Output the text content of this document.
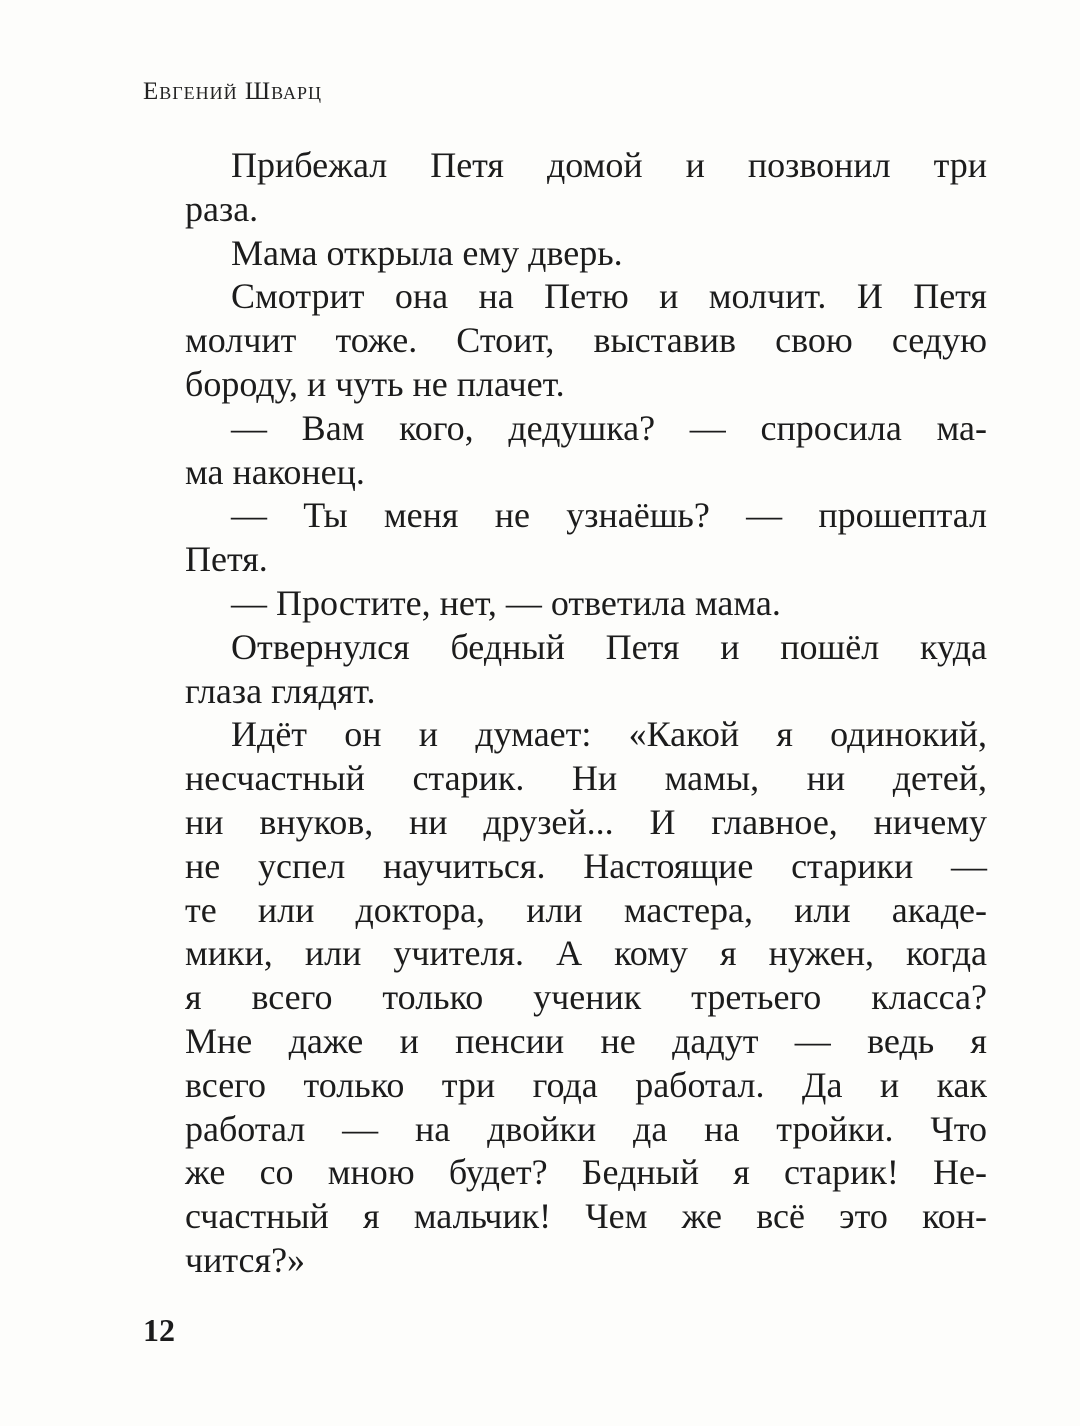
Евгений Шварц
Прибежал Петя домой и позвонил три
раза.
Мама открыла ему дверь.
Смотрит она на Петю и молчит. И Петя
молчит тоже. Стоит, выставив свою седую
бороду, и чуть не плачет.
— Вам кого, дедушка? — спросила ма-
ма наконец.
— Ты меня не узнаёшь? — прошептал
Петя.
— Простите, нет, — ответила мама.
Отвернулся бедный Петя и пошёл куда
глаза глядят.
Идёт он и думает: «Какой я одинокий,
несчастный старик. Ни мамы, ни детей,
ни внуков, ни друзей... И главное, ничему
не успел научиться. Настоящие старики —
те или доктора, или мастера, или акаде-
мики, или учителя. А кому я нужен, когда
я всего только ученик третьего класса?
Мне даже и пенсии не дадут — ведь я
всего только три года работал. Да и как
работал — на двойки да на тройки. Что
же со мною будет? Бедный я старик! Не-
счастный я мальчик! Чем же всё это кон-
чится?»
12
